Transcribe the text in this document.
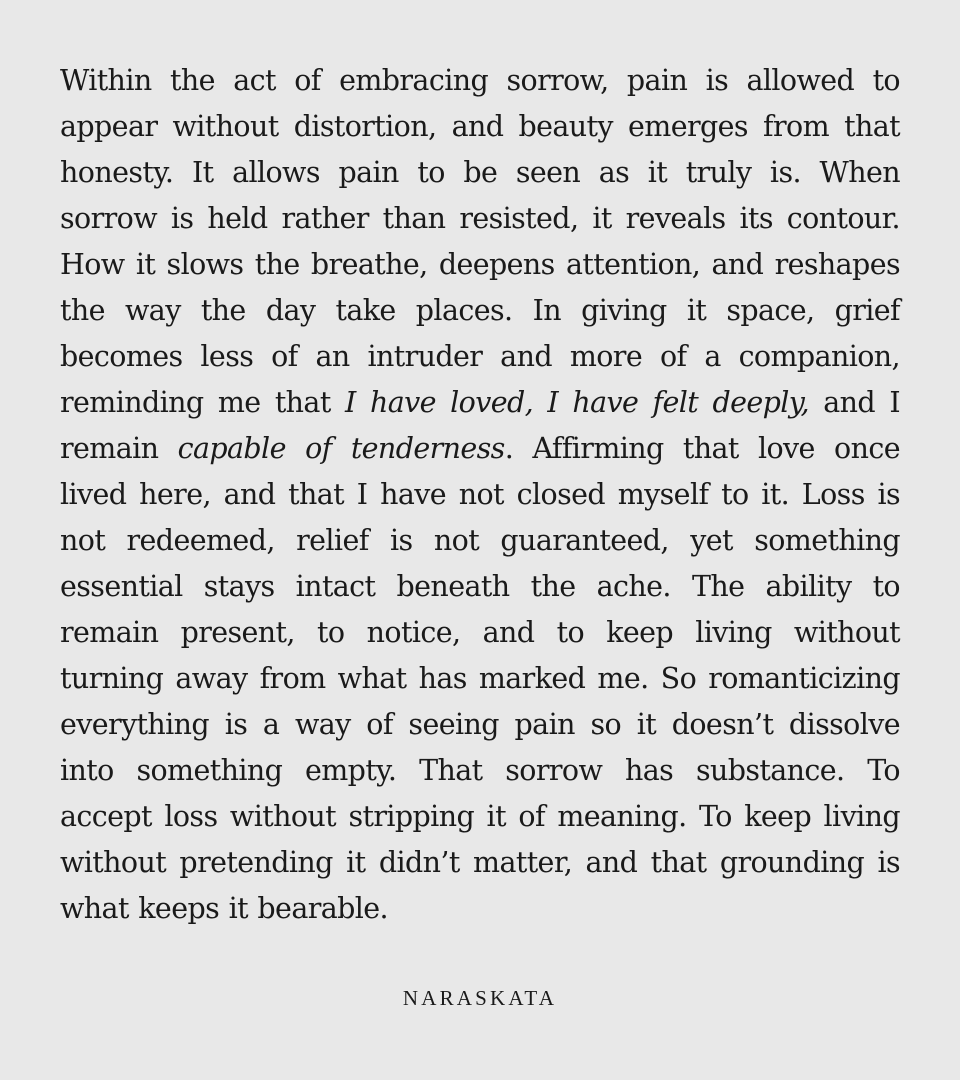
Within the act of embracing sorrow, pain is allowed to appear without distortion, and beauty emerges from that honesty. It allows pain to be seen as it truly is. When sorrow is held rather than resisted, it reveals its contour. How it slows the breathe, deepens attention, and reshapes the way the day take places. In giving it space, grief becomes less of an intruder and more of a companion, reminding me that I have loved, I have felt deeply, and I remain capable of tenderness. Affirming that love once lived here, and that I have not closed myself to it. Loss is not redeemed, relief is not guaranteed, yet something essential stays intact beneath the ache. The ability to remain present, to notice, and to keep living without turning away from what has marked me. So romanticizing everything is a way of seeing pain so it doesn’t dissolve into something empty. That sorrow has substance. To accept loss without stripping it of meaning. To keep living without pretending it didn’t matter, and that grounding is what keeps it bearable.

NARASKATA
